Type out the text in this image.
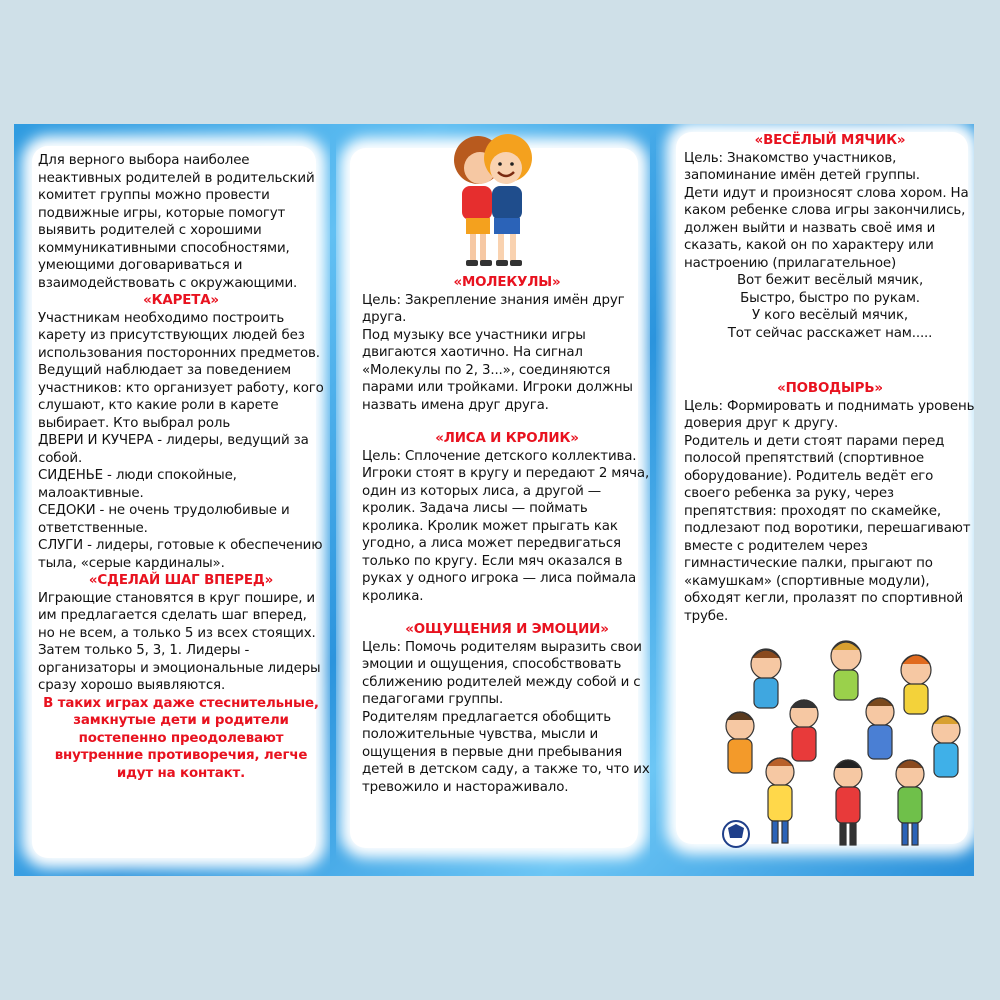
Для верного выбора наиболее неактивных родителей в родительский комитет группы можно провести подвижные игры, которые помогут выявить родителей с хорошими коммуникативными способностями, умеющими договариваться и взаимодействовать с окружающими.

«КАРЕТА»

Участникам необходимо построить карету из присутствующих людей без использования посторонних предметов. Ведущий наблюдает за поведением участников: кто организует работу, кого слушают, кто какие роли в карете выбирает. Кто выбрал роль

ДВЕРИ И КУЧЕРА - лидеры, ведущий за собой.

СИДЕНЬЕ - люди спокойные, малоактивные.

СЕДОКИ - не очень трудолюбивые и ответственные.

СЛУГИ - лидеры, готовые к обеспечению тыла, «серые кардиналы».

«СДЕЛАЙ ШАГ ВПЕРЕД»

Играющие становятся в круг пошире, и им предлагается сделать шаг вперед, но не всем, а только 5 из всех стоящих. Затем только 5, 3, 1. Лидеры - организаторы и эмоциональные лидеры сразу хорошо выявляются.

В таких играх даже стеснительные, замкнутые дети и родители постепенно преодолевают внутренние противоречия, легче идут на контакт.

«МОЛЕКУЛЫ»

Цель: Закрепление знания имён друг друга.

Под музыку все участники игры двигаются хаотично. На сигнал «Молекулы по 2, 3...», соединяются парами или тройками. Игроки должны назвать имена друг друга.

«ЛИСА И КРОЛИК»

Цель: Сплочение детского коллектива.

Игроки стоят в кругу и передают 2 мяча, один из которых лиса, а другой — кролик. Задача лисы — поймать кролика. Кролик может прыгать как угодно, а лиса может передвигаться только по кругу. Если мяч оказался в руках у одного игрока — лиса поймала кролика.

«ОЩУЩЕНИЯ И ЭМОЦИИ»

Цель: Помочь родителям выразить свои эмоции и ощущения, способствовать сближению родителей между собой и с педагогами группы.

Родителям предлагается обобщить положительные чувства, мысли и ощущения в первые дни пребывания детей в детском саду, а также то, что их тревожило и настораживало.

«ВЕСЁЛЫЙ МЯЧИК»

Цель: Знакомство участников, запоминание имён детей группы.

Дети идут и произносят слова хором. На каком ребенке слова игры закончились, должен выйти и назвать своё имя и сказать, какой он по характеру или настроению (прилагательное)

Вот бежит весёлый мячик,

Быстро, быстро по рукам.

У кого весёлый мячик,

Тот сейчас расскажет нам.....

«ПОВОДЫРЬ»

Цель: Формировать и поднимать уровень доверия друг к другу.

Родитель и дети стоят парами перед полосой препятствий (спортивное оборудование). Родитель ведёт его своего ребенка за руку, через препятствия: проходят по скамейке, подлезают под воротики, перешагивают вместе с родителем через гимнастические палки, прыгают по «камушкам» (спортивные модули), обходят кегли, пролазят по спортивной трубе.
